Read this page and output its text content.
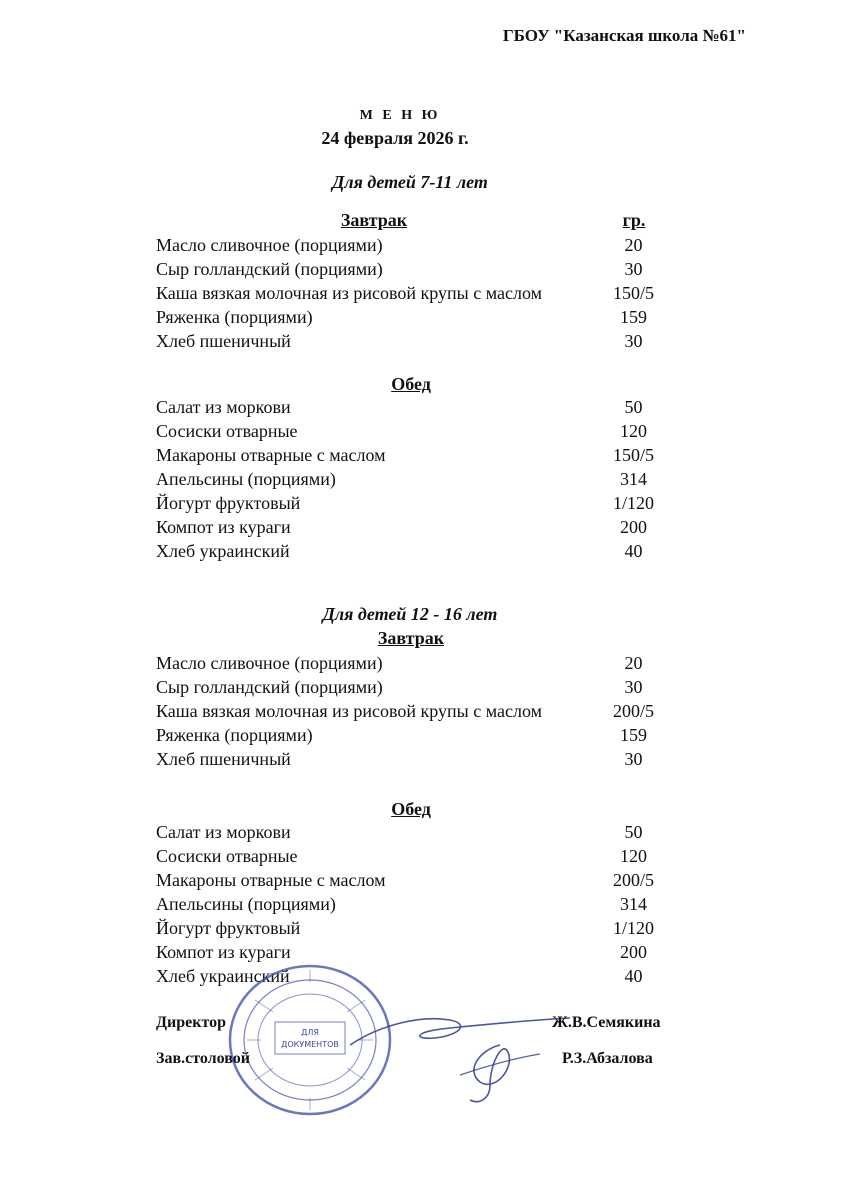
ГБОУ "Казанская школа №61"
М Е Н Ю
24 февраля 2026 г.
Для детей 7-11 лет
Завтрак	гр.
Масло сливочное (порциями)	20
Сыр голландский (порциями)	30
Каша вязкая молочная из рисовой крупы с маслом	150/5
Ряженка (порциями)	159
Хлеб пшеничный	30
Обед
Салат из моркови	50
Сосиски отварные	120
Макароны отварные с маслом	150/5
Апельсины (порциями)	314
Йогурт фруктовый	1/120
Компот из кураги	200
Хлеб украинский	40
Для детей 12 - 16 лет
Завтрак
Масло сливочное (порциями)	20
Сыр голландский (порциями)	30
Каша вязкая молочная из рисовой крупы с маслом	200/5
Ряженка (порциями)	159
Хлеб пшеничный	30
Обед
Салат из моркови	50
Сосиски отварные	120
Макароны отварные с маслом	200/5
Апельсины (порциями)	314
Йогурт фруктовый	1/120
Компот из кураги	200
Хлеб украинский	40
ДЛЯ
ДОКУМЕНТОВ
Директор	Ж.В.Семякина
Зав.столовой	Р.З.Абзалова
